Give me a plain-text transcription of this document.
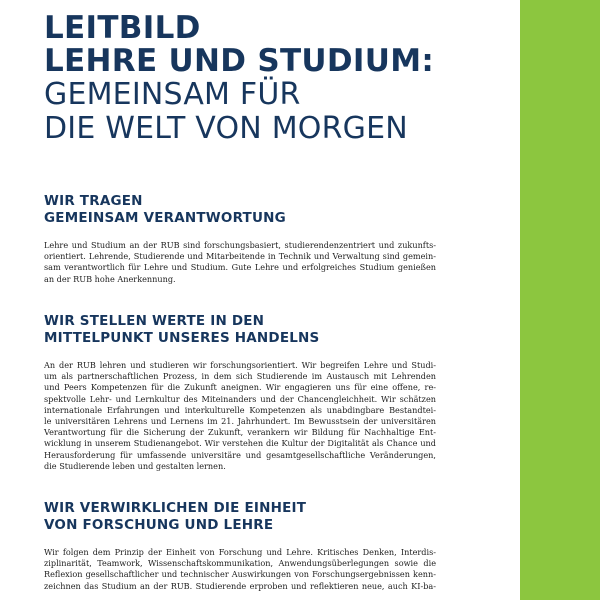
LEITBILD
LEHRE UND STUDIUM:
GEMEINSAM FÜR
DIE WELT VON MORGEN
WIR TRAGEN
GEMEINSAM VERANTWORTUNG
Lehre und Studium an der RUB sind forschungsbasiert, studierendenzentriert und zukunfts-
orientiert. Lehrende, Studierende und Mitarbeitende in Technik und Verwaltung sind gemein-
sam verantwortlich für Lehre und Studium. Gute Lehre und erfolgreiches Studium genießen
an der RUB hohe Anerkennung.
WIR STELLEN WERTE IN DEN
MITTELPUNKT UNSERES HANDELNS
An der RUB lehren und studieren wir forschungsorientiert. Wir begreifen Lehre und Studi-
um als partnerschaftlichen Prozess, in dem sich Studierende im Austausch mit Lehrenden
und Peers Kompetenzen für die Zukunft aneignen. Wir engagieren uns für eine offene, re-
spektvolle Lehr- und Lernkultur des Miteinanders und der Chancengleichheit. Wir schätzen
internationale Erfahrungen und interkulturelle Kompetenzen als unabdingbare Bestandtei-
le universitären Lehrens und Lernens im 21. Jahrhundert. Im Bewusstsein der universitären
Verantwortung für die Sicherung der Zukunft, verankern wir Bildung für Nachhaltige Ent-
wicklung in unserem Studienangebot. Wir verstehen die Kultur der Digitalität als Chance und
Herausforderung für umfassende universitäre und gesamtgesellschaftliche Veränderungen,
die Studierende leben und gestalten lernen.
WIR VERWIRKLICHEN DIE EINHEIT
VON FORSCHUNG UND LEHRE
Wir folgen dem Prinzip der Einheit von Forschung und Lehre. Kritisches Denken, Interdis-
ziplinarität, Teamwork, Wissenschaftskommunikation, Anwendungsüberlegungen sowie die
Reflexion gesellschaftlicher und technischer Auswirkungen von Forschungsergebnissen kenn-
zeichnen das Studium an der RUB. Studierende erproben und reflektieren neue, auch KI-ba-
